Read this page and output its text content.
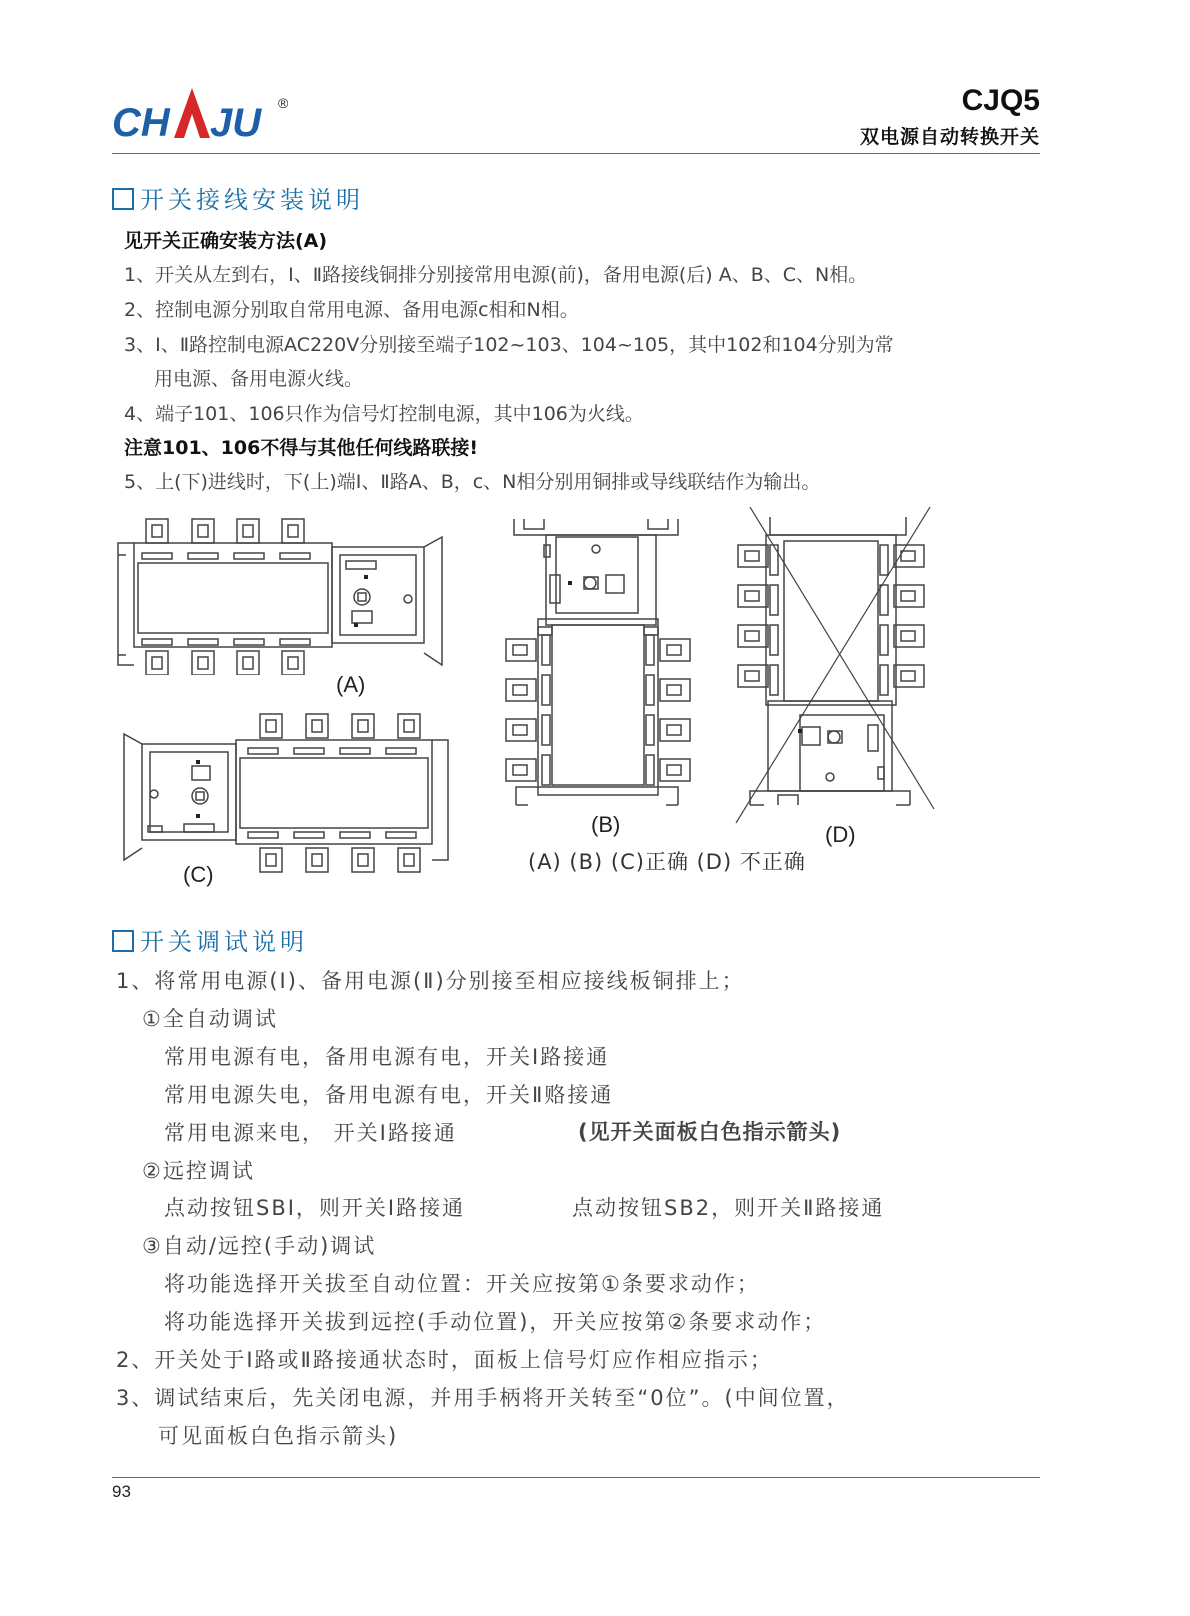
CH JU ®	CJQ5
双电源自动转换开关
开关接线安装说明
见开关正确安装方法(A)
1、开关从左到右，Ⅰ、Ⅱ路接线铜排分别接常用电源(前)，备用电源(后) A、B、C、N相。
2、控制电源分别取自常用电源、备用电源c相和N相。
3、Ⅰ、Ⅱ路控制电源AC220V分别接至端子102~103、104~105，其中102和104分别为常
用电源、备用电源火线。
4、端子101、106只作为信号灯控制电源，其中106为火线。
注意101、106不得与其他任何线路联接!
5、上(下)进线时，下(上)端Ⅰ、Ⅱ路A、B，c、N相分别用铜排或导线联结作为输出。
(A)
(C)
(B)	(D)
(A) (B) (C)正确 (D) 不正确
开关调试说明
1、将常用电源(Ⅰ)、备用电源(Ⅱ)分别接至相应接线板铜排上；
①全自动调试
常用电源有电，备用电源有电，开关Ⅰ路接通
常用电源失电，备用电源有电，开关Ⅱ赂接通
常用电源来电， 开关Ⅰ路接通	(见开关面板白色指示箭头)
②远控调试
点动按钮SBI，则开关Ⅰ路接通	点动按钮SB2，则开关Ⅱ路接通
③自动/远控(手动)调试
将功能选择开关拔至自动位置：开关应按第①条要求动作；
将功能选择开关拔到远控(手动位置)，开关应按第②条要求动作；
2、开关处于Ⅰ路或Ⅱ路接通状态时，面板上信号灯应作相应指示；
3、调试结束后，先关闭电源，并用手柄将开关转至“0位”。(中间位置，
可见面板白色指示箭头)
93
